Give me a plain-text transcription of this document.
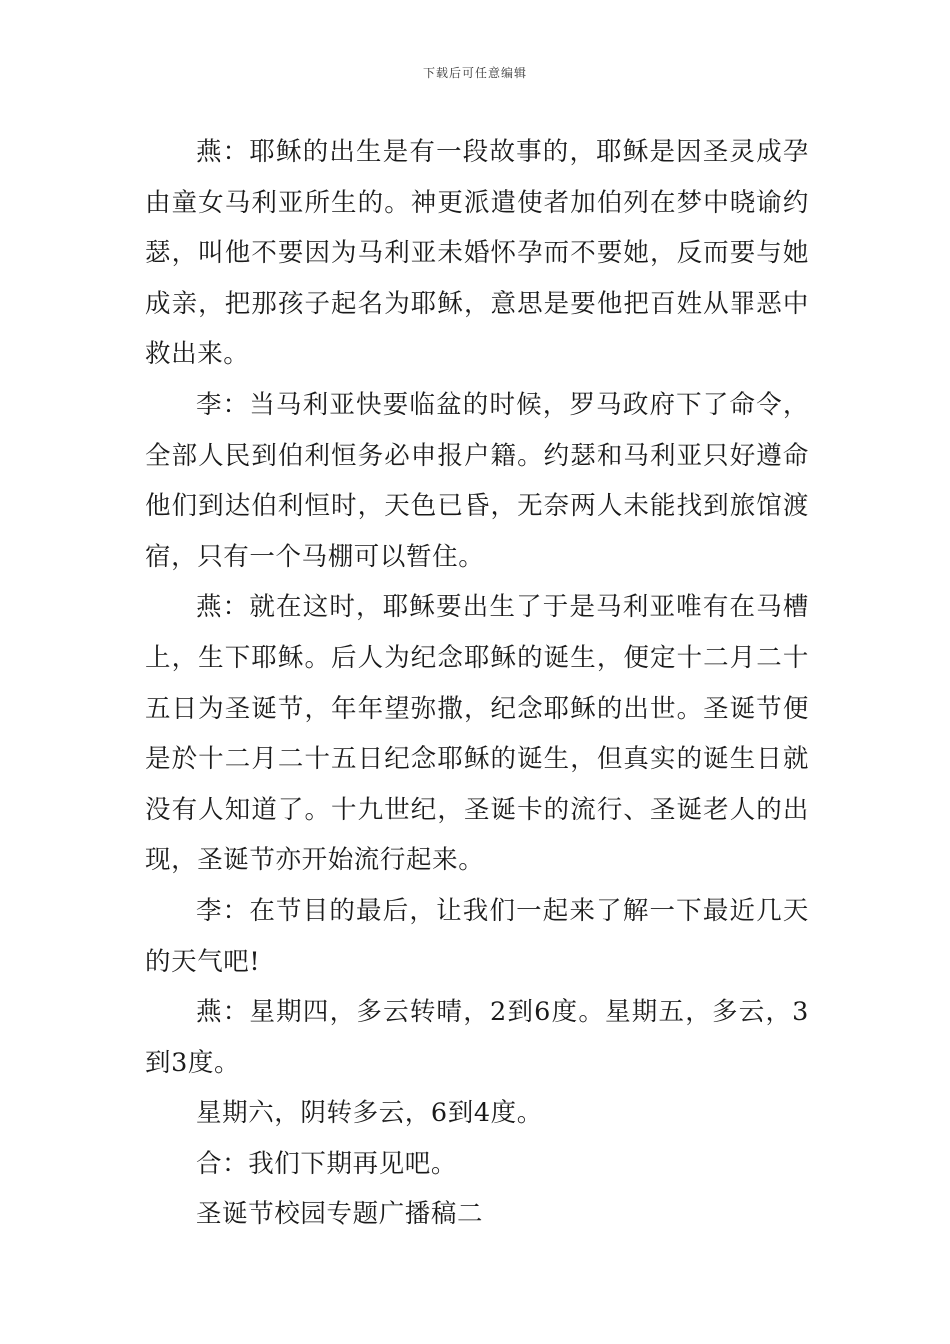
下载后可任意编辑

燕：耶稣的出生是有一段故事的，耶稣是因圣灵成孕由童女马利亚所生的。神更派遣使者加伯列在梦中晓谕约瑟，叫他不要因为马利亚未婚怀孕而不要她，反而要与她成亲，把那孩子起名为耶稣，意思是要他把百姓从罪恶中救出来。

李：当马利亚快要临盆的时候，罗马政府下了命令，全部人民到伯利恒务必申报户籍。约瑟和马利亚只好遵命他们到达伯利恒时，天色已昏，无奈两人未能找到旅馆渡宿，只有一个马棚可以暂住。

燕：就在这时，耶稣要出生了于是马利亚唯有在马槽上，生下耶稣。后人为纪念耶稣的诞生，便定十二月二十五日为圣诞节，年年望弥撒，纪念耶稣的出世。圣诞节便是於十二月二十五日纪念耶稣的诞生，但真实的诞生日就没有人知道了。十九世纪，圣诞卡的流行、圣诞老人的出现，圣诞节亦开始流行起来。

李：在节目的最后，让我们一起来了解一下最近几天的天气吧!

燕：星期四，多云转晴，2到6度。星期五，多云，3到3度。

星期六，阴转多云，6到4度。

合：我们下期再见吧。

圣诞节校园专题广播稿二
